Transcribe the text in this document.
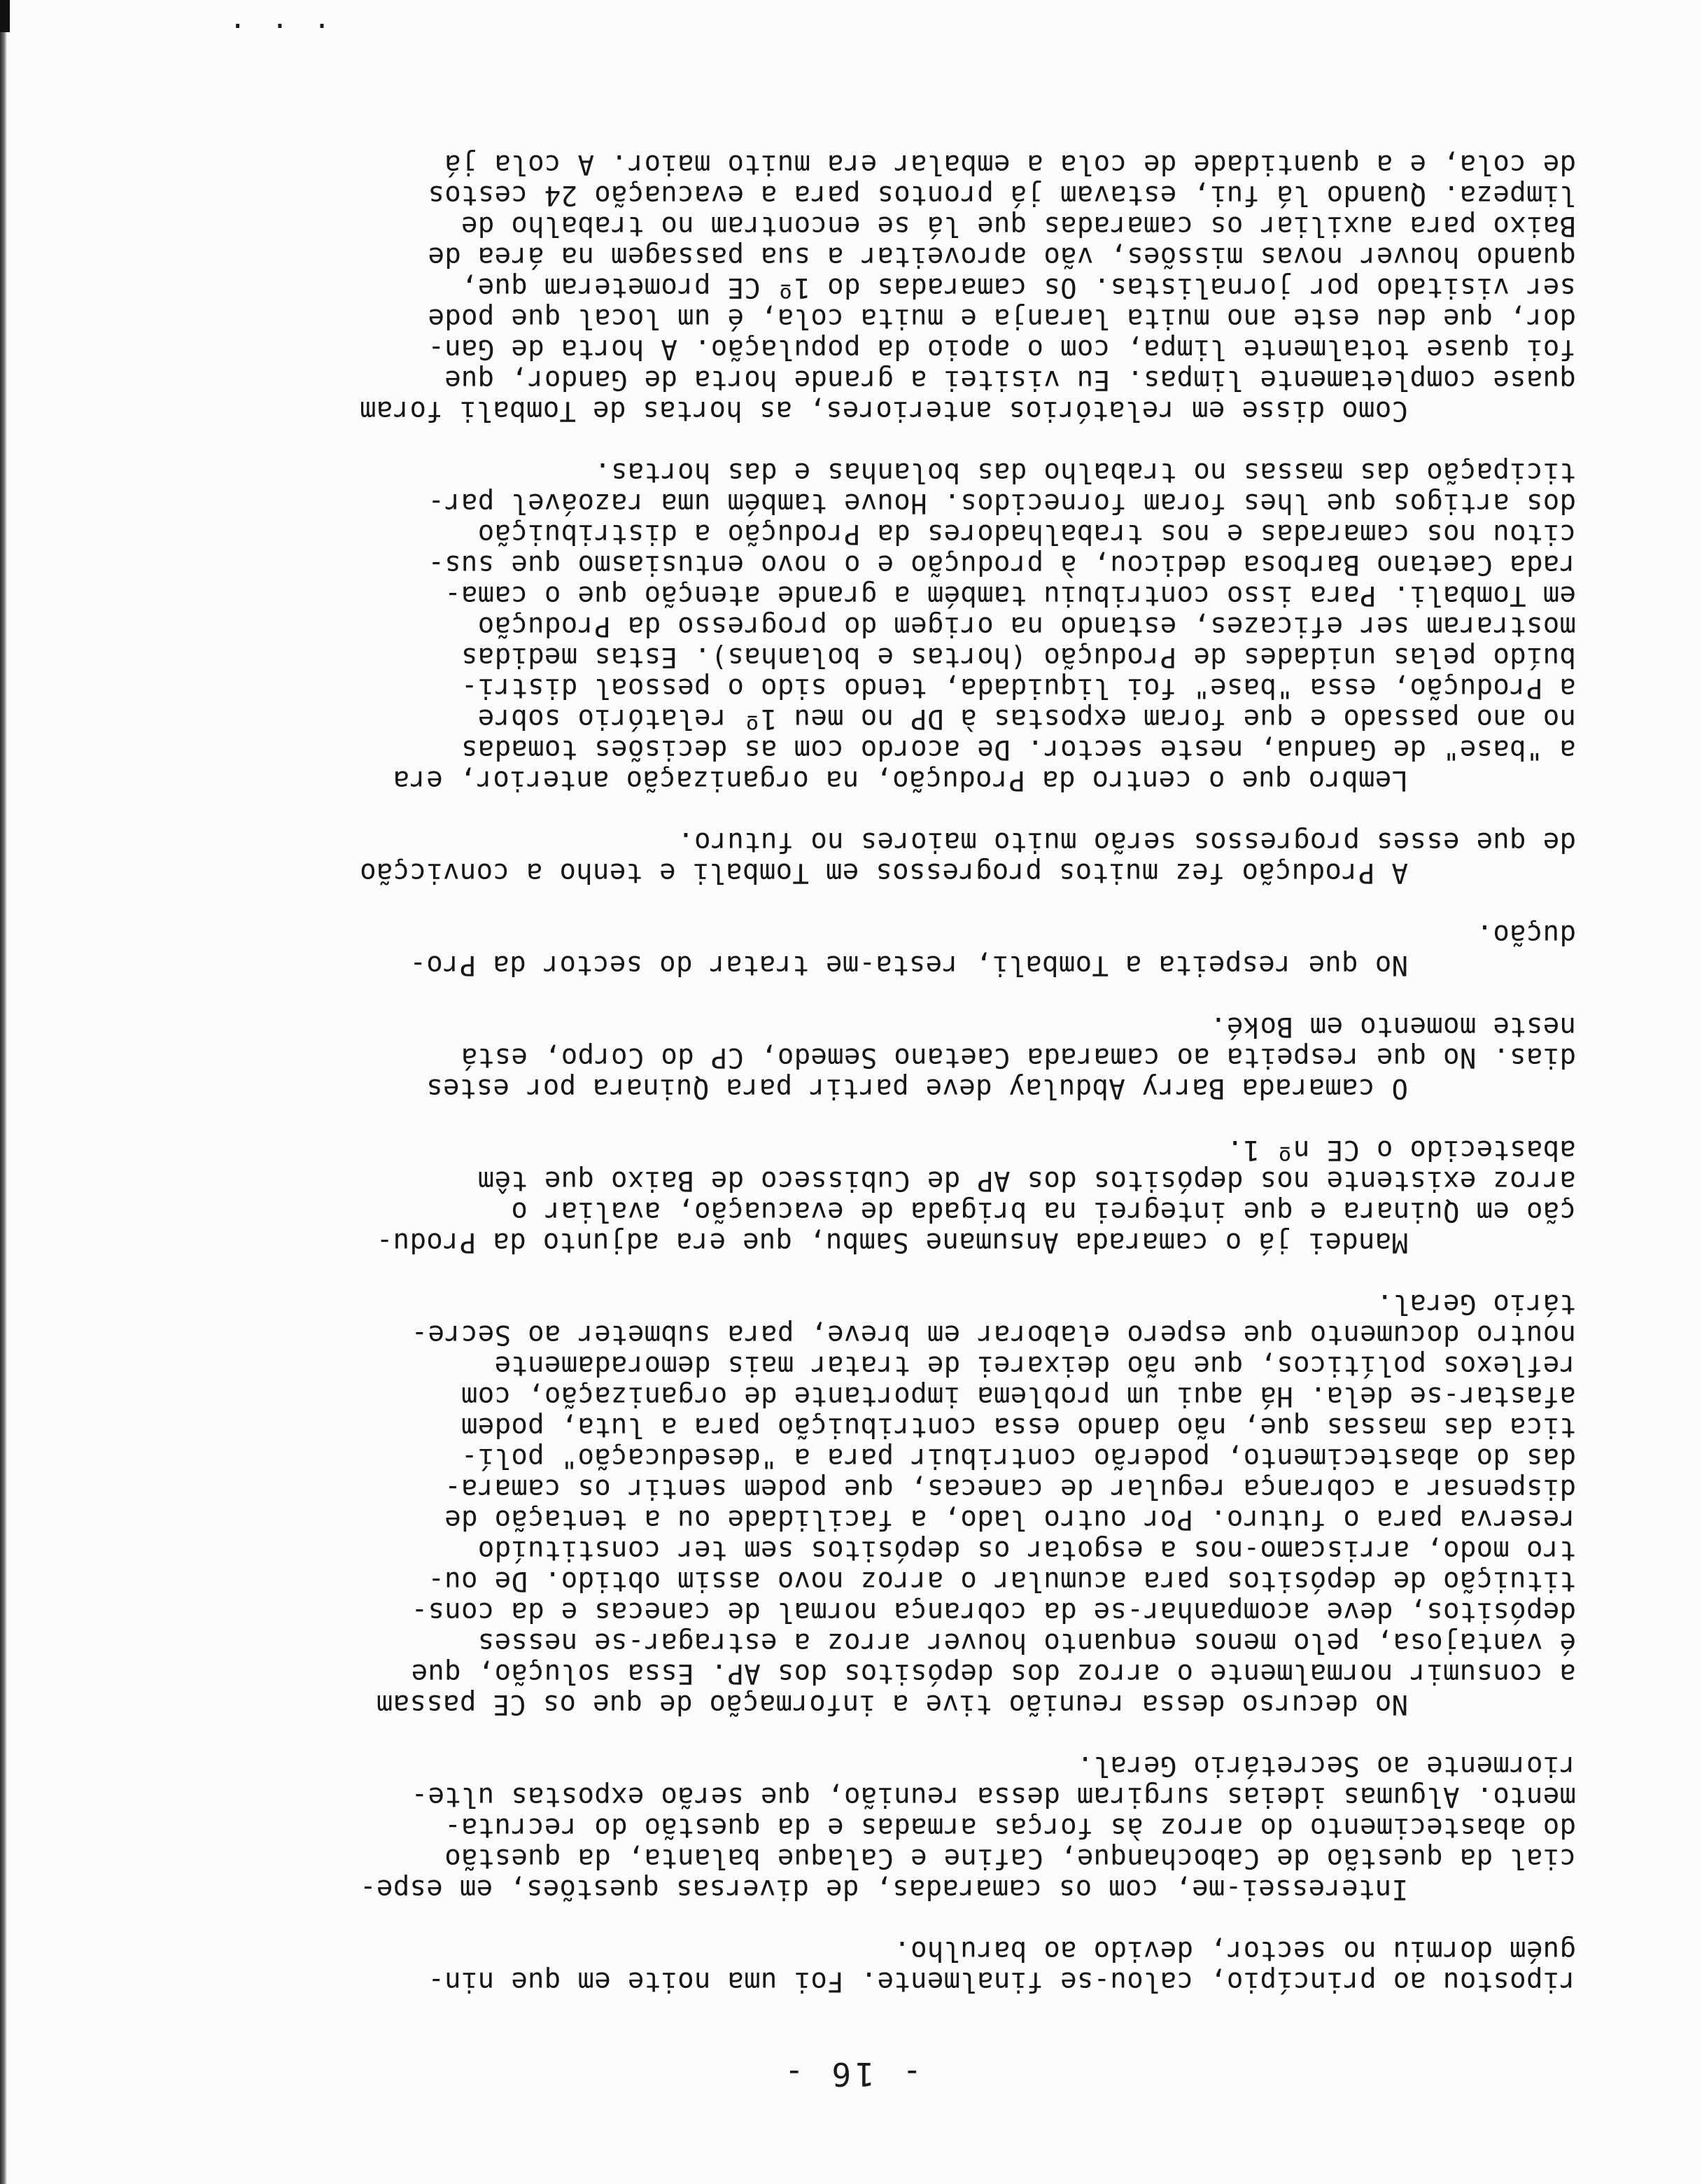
- 16 -
ripostou ao princípio, calou-se finalmente. Foi uma noite em que nin-
guém dormiu no sector, devido ao barulho.
Interessei-me, com os camaradas, de diversas questões, em espe-
cial da questão de Cabochanque, Cafine e Calaque balanta, da questão
do abastecimento do arroz às forças armadas e da questão do recruta-
mento. Algumas ideias surgiram dessa reunião, que serão expostas ulte-
riormente ao Secretário Geral.
No decurso dessa reunião tive a informação de que os CE passam
a consumir normalmente o arroz dos depósitos dos AP. Essa solução, que
é vantajosa, pelo menos enquanto houver arroz a estragar-se nesses
depósitos, deve acompanhar-se da cobrança normal de canecas e da cons-
tituição de depósitos para acumular o arroz novo assim obtido. De ou-
tro modo, arriscamo-nos a esgotar os depósitos sem ter constituído
reserva para o futuro. Por outro lado, a facilidade ou a tentação de
dispensar a cobrança regular de canecas, que podem sentir os camara-
das do abastecimento, poderão contribuir para a "deseducação" polí-
tica das massas que, não dando essa contribuição para a luta, podem
afastar-se dela. Há aqui um problema importante de organização, com
reflexos políticos, que não deixarei de tratar mais demoradamente
noutro documento que espero elaborar em breve, para submeter ao Secre-
tário Geral.
Mandei já o camarada Ansumane Sambu, que era adjunto da Produ-
ção em Quinara e que integrei na brigada de evacuação, avaliar o
arroz existente nos depósitos dos AP de Cubisseco de Baixo que têm
abastecido o CE nº 1.
O camarada Barry Abdulay deve partir para Quinara por estes
dias. No que respeita ao camarada Caetano Semedo, CP do Corpo, está
neste momento em Boké.
No que respeita a Tombali, resta-me tratar do sector da Pro-
dução.
A Produção fez muitos progressos em Tombali e tenho a convicção
de que esses progressos serão muito maiores no futuro.
Lembro que o centro da Produção, na organização anterior, era
a "base" de Gandua, neste sector. De acordo com as decisões tomadas
no ano passado e que foram expostas à DP no meu 1º relatório sobre
a Produção, essa "base" foi liquidada, tendo sido o pessoal distri-
buído pelas unidades de Produção (hortas e bolanhas). Estas medidas
mostraram ser eficazes, estando na origem do progresso da Produção
em Tombali. Para isso contribuiu também a grande atenção que o cama-
rada Caetano Barbosa dedicou, à produção e o novo entusiasmo que sus-
citou nos camaradas e nos trabalhadores da Produção a distribuição
dos artigos que lhes foram fornecidos. Houve também uma razoável par-
ticipação das massas no trabalho das bolanhas e das hortas.
Como disse em relatórios anteriores, as hortas de Tombali foram
quase completamente limpas. Eu visitei a grande horta de Gandor, que
foi quase totalmente limpa, com o apoio da população. A horta de Gan-
dor, que deu este ano muita laranja e muita cola, é um local que pode
ser visitado por jornalistas. Os camaradas do 1º CE prometeram que,
quando houver novas missões, vão aproveitar a sua passagem na área de
Baixo para auxiliar os camaradas que lá se encontram no trabalho de
limpeza. Quando lá fui, estavam já prontos para a evacuação 24 cestos
de cola, e a quantidade de cola a embalar era muito maior. A cola já
. . .
